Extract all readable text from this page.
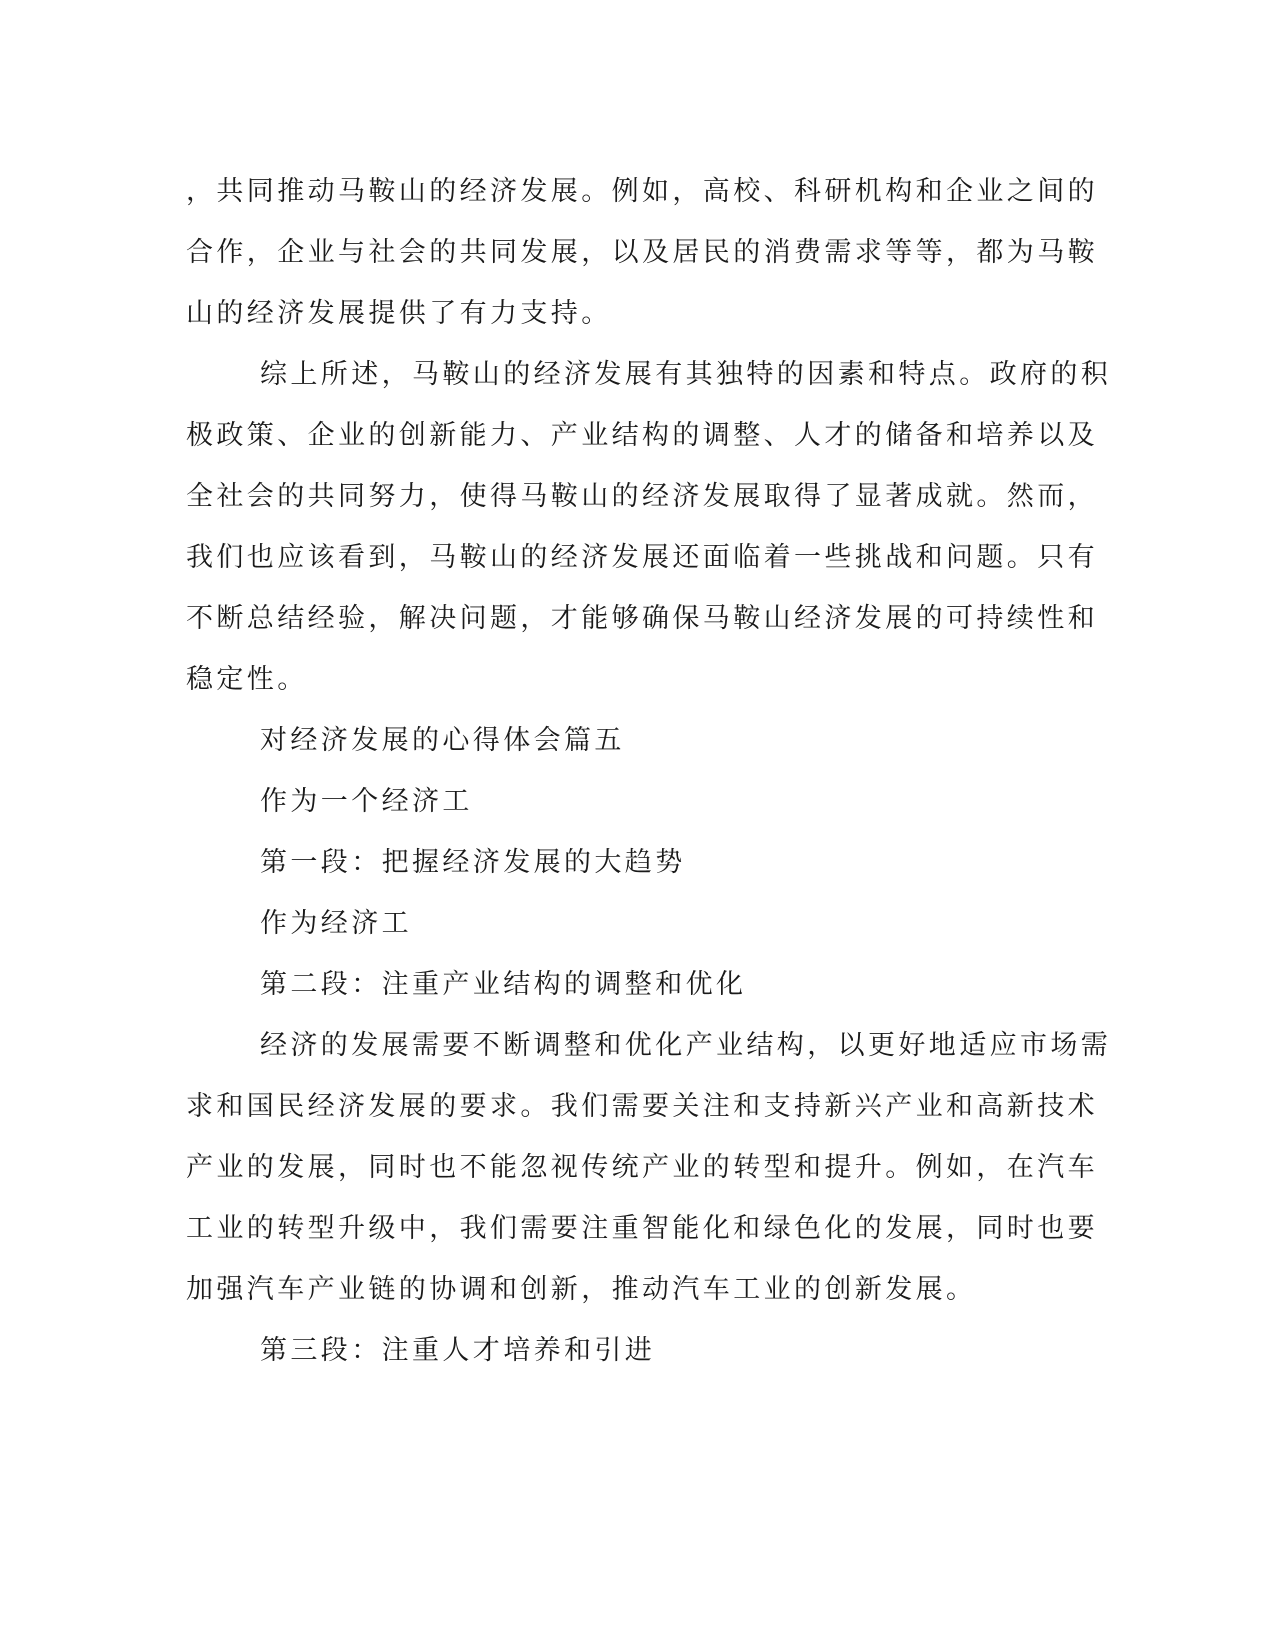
，共同推动马鞍山的经济发展。例如，高校、科研机构和企业之间的
合作，企业与社会的共同发展，以及居民的消费需求等等，都为马鞍
山的经济发展提供了有力支持。
综上所述，马鞍山的经济发展有其独特的因素和特点。政府的积
极政策、企业的创新能力、产业结构的调整、人才的储备和培养以及
全社会的共同努力，使得马鞍山的经济发展取得了显著成就。然而，
我们也应该看到，马鞍山的经济发展还面临着一些挑战和问题。只有
不断总结经验，解决问题，才能够确保马鞍山经济发展的可持续性和
稳定性。
对经济发展的心得体会篇五
作为一个经济工
第一段：把握经济发展的大趋势
作为经济工
第二段：注重产业结构的调整和优化
经济的发展需要不断调整和优化产业结构，以更好地适应市场需
求和国民经济发展的要求。我们需要关注和支持新兴产业和高新技术
产业的发展，同时也不能忽视传统产业的转型和提升。例如，在汽车
工业的转型升级中，我们需要注重智能化和绿色化的发展，同时也要
加强汽车产业链的协调和创新，推动汽车工业的创新发展。
第三段：注重人才培养和引进
